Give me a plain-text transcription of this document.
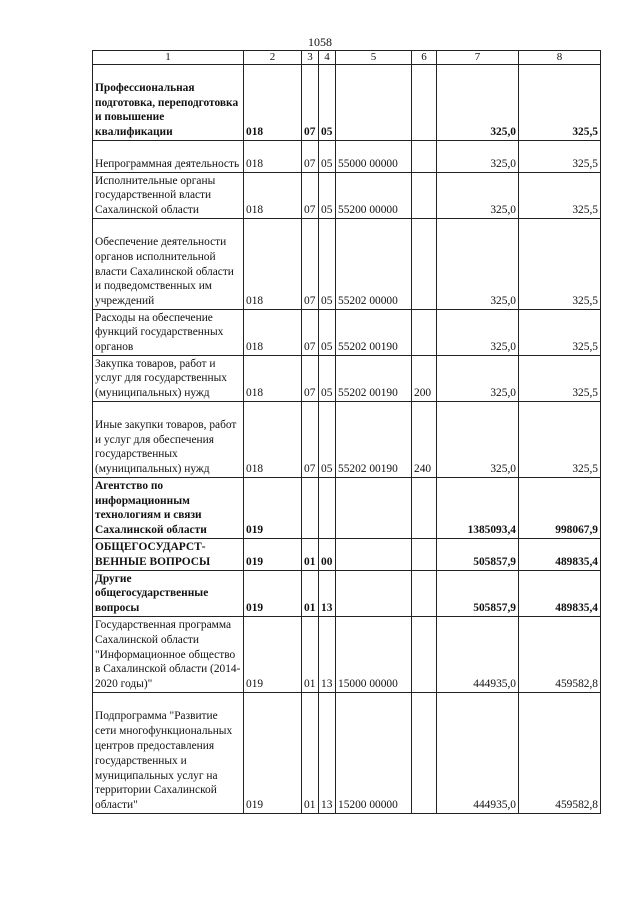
1058
1	2	3	4	5	6	7	8
Профессиональная подготовка, переподготовка и повышение квалификации	018	07	05			325,0	325,5
Непрограммная деятельность	018	07	05	55000 00000		325,0	325,5
Исполнительные органы государственной власти Сахалинской области	018	07	05	55200 00000		325,0	325,5
Обеспечение деятельности органов исполнительной власти Сахалинской области и подведомственных им учреждений	018	07	05	55202 00000		325,0	325,5
Расходы на обеспечение функций государственных органов	018	07	05	55202 00190		325,0	325,5
Закупка товаров, работ и услуг для государственных (муниципальных) нужд	018	07	05	55202 00190	200	325,0	325,5
Иные закупки товаров, работ и услуг для обеспечения государственных (муниципальных) нужд	018	07	05	55202 00190	240	325,0	325,5
Агентство по информационным технологиям и связи Сахалинской области	019					1385093,4	998067,9
ОБЩЕГОСУДАРСТ-ВЕННЫЕ ВОПРОСЫ	019	01	00			505857,9	489835,4
Другие общегосударственные вопросы	019	01	13			505857,9	489835,4
Государственная программа Сахалинской области "Информационное общество в Сахалинской области (2014-2020 годы)"	019	01	13	15000 00000		444935,0	459582,8
Подпрограмма "Развитие сети многофункциональных центров предоставления государственных и муниципальных услуг на территории Сахалинской области"	019	01	13	15200 00000		444935,0	459582,8
